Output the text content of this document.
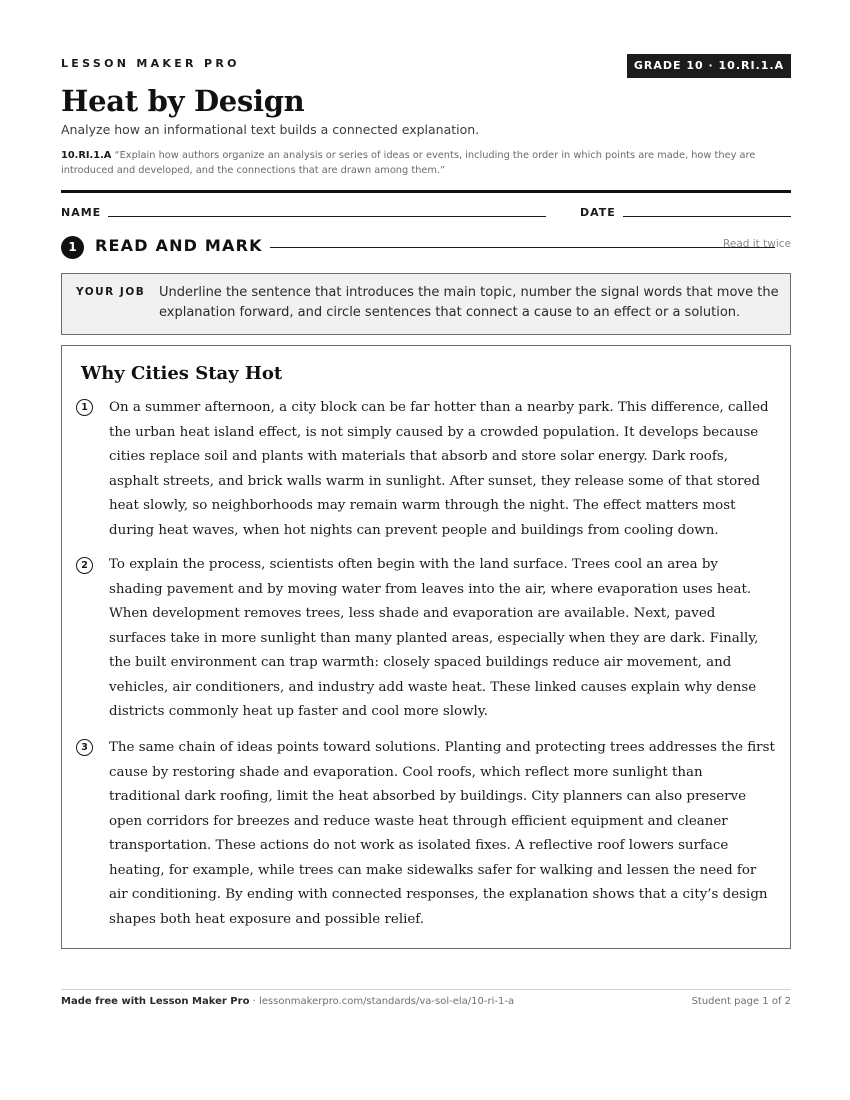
LESSON MAKER PRO	GRADE 10 · 10.RI.1.A
Heat by Design
Analyze how an informational text builds a connected explanation.
10.RI.1.A “Explain how authors organize an analysis or series of ideas or events, including the order in which points are made, how they are introduced and developed, and the connections that are drawn among them.”
NAME	DATE
1	READ AND MARK	Read it twice
YOUR JOB Underline the sentence that introduces the main topic, number the signal words that move the explanation forward, and circle sentences that connect a cause to an effect or a solution.
Why Cities Stay Hot
1	On a summer afternoon, a city block can be far hotter than a nearby park. This difference, called the urban heat island effect, is not simply caused by a crowded population. It develops because cities replace soil and plants with materials that absorb and store solar energy. Dark roofs, asphalt streets, and brick walls warm in sunlight. After sunset, they release some of that stored heat slowly, so neighborhoods may remain warm through the night. The effect matters most during heat waves, when hot nights can prevent people and buildings from cooling down.

2	To explain the process, scientists often begin with the land surface. Trees cool an area by shading pavement and by moving water from leaves into the air, where evaporation uses heat. When development removes trees, less shade and evaporation are available. Next, paved surfaces take in more sunlight than many planted areas, especially when they are dark. Finally, the built environment can trap warmth: closely spaced buildings reduce air movement, and vehicles, air conditioners, and industry add waste heat. These linked causes explain why dense districts commonly heat up faster and cool more slowly.

3	The same chain of ideas points toward solutions. Planting and protecting trees addresses the first cause by restoring shade and evaporation. Cool roofs, which reflect more sunlight than traditional dark roofing, limit the heat absorbed by buildings. City planners can also preserve open corridors for breezes and reduce waste heat through efficient equipment and cleaner transportation. These actions do not work as isolated fixes. A reflective roof lowers surface heating, for example, while trees can make sidewalks safer for walking and lessen the need for air conditioning. By ending with connected responses, the explanation shows that a city’s design shapes both heat exposure and possible relief.

Made free with Lesson Maker Pro · lessonmakerpro.com/standards/va-sol-ela/10-ri-1-a	Student page 1 of 2
